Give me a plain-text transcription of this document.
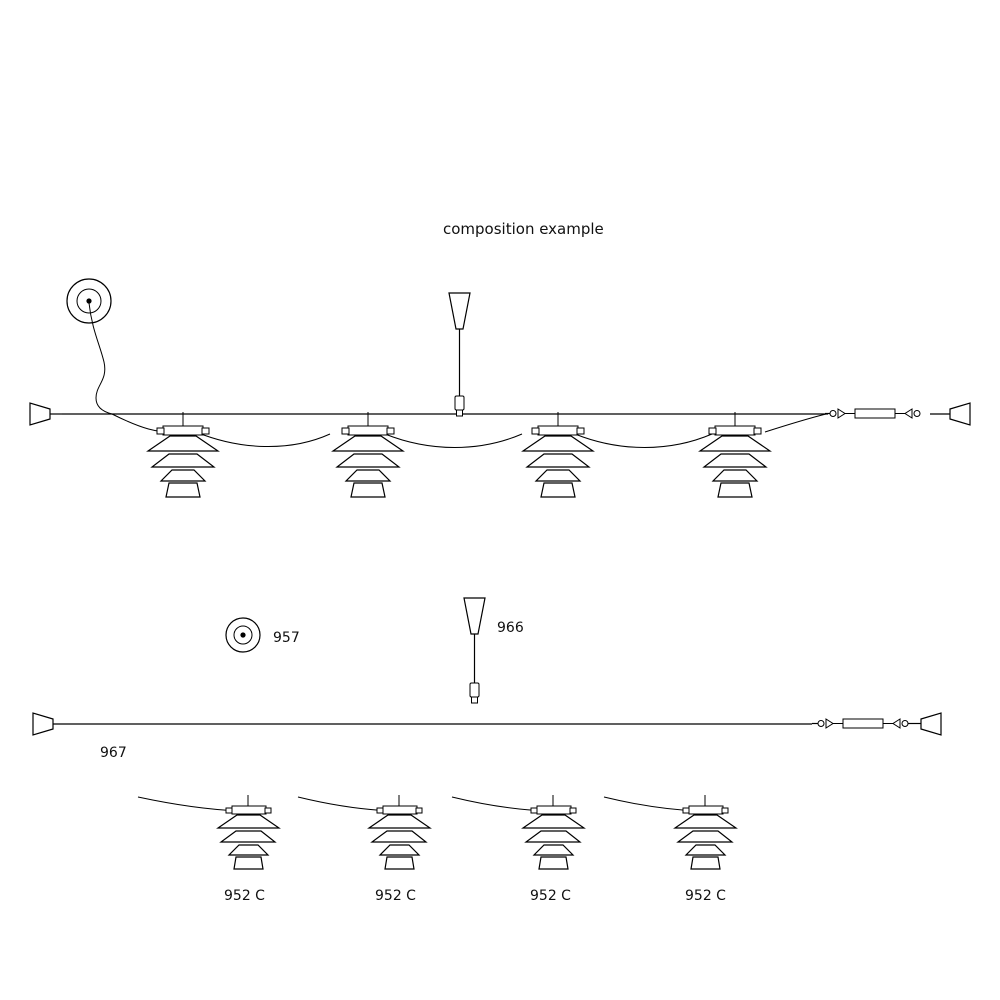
composition example
957
966
967
952 C	952 C	952 C	952 C
